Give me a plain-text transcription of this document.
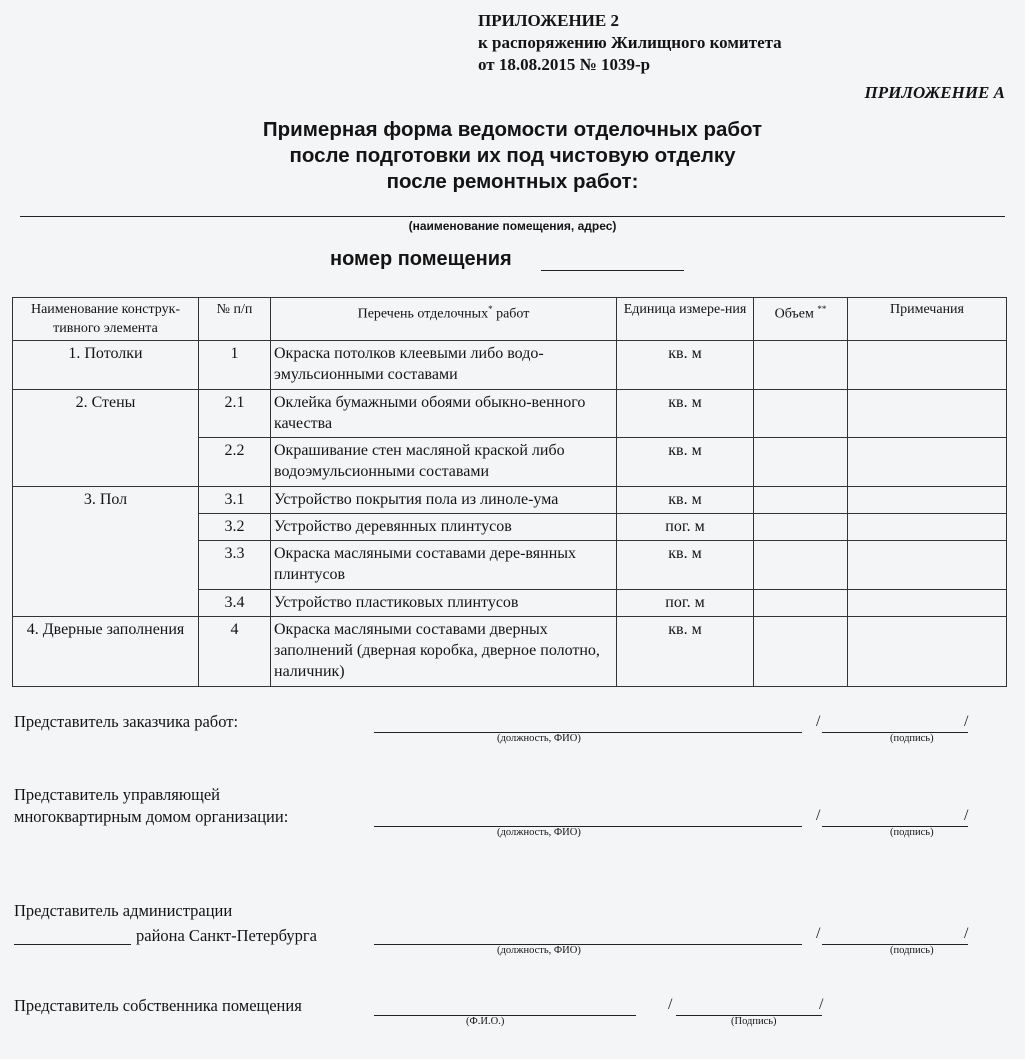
ПРИЛОЖЕНИЕ 2
к распоряжению Жилищного комитета
от 18.08.2015 № 1039-р
ПРИЛОЖЕНИЕ А
Примерная форма ведомости отделочных работ
после подготовки их под чистовую отделку
после ремонтных работ:
(наименование помещения, адрес)
номер помещения
Наименование конструк-тивного элемента	№ п/п	Перечень отделочных* работ	Единица измере-ния	Объем **	Примечания
1. Потолки	1	Окраска потолков клеевыми либо водо-эмульсионными составами	кв. м		
2. Стены	2.1	Оклейка бумажными обоями обыкно-венного качества	кв. м		
	2.2	Окрашивание стен масляной краской либо водоэмульсионными составами	кв. м		
3. Пол	3.1	Устройство покрытия пола из линоле-ума	кв. м		
	3.2	Устройство деревянных плинтусов	пог. м		
	3.3	Окраска масляными составами дере-вянных плинтусов	кв. м		
	3.4	Устройство пластиковых плинтусов	пог. м		
4. Дверные заполнения	4	Окраска масляными составами дверных заполнений (дверная коробка, дверное полотно, наличник)	кв. м		
Представитель заказчика работ:
(должность, ФИО)
/	/
(подпись)
Представитель управляющей
многоквартирным домом организации:
(должность, ФИО)
/	/
(подпись)
Представитель администрации
района Санкт-Петербурга
(должность, ФИО)
/	/
(подпись)
Представитель собственника помещения
(Ф.И.О.)
/	/
(Подпись)
